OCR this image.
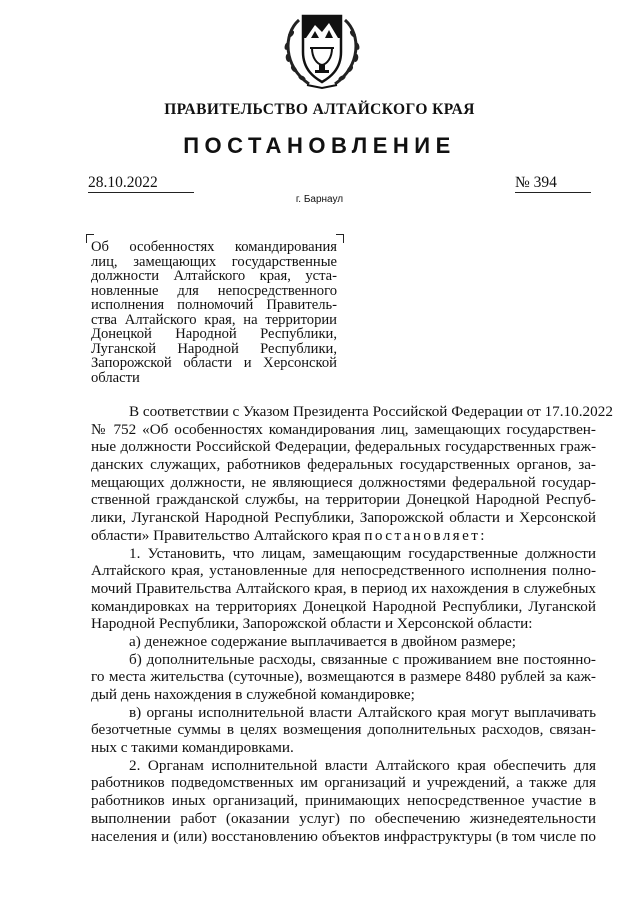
ПРАВИТЕЛЬСТВО АЛТАЙСКОГО КРАЯ
ПОСТАНОВЛЕНИЕ
28.10.2022	№ 394
г. Барнаул
Об особенностях командирования
лиц, замещающих государственные
должности Алтайского края, уста-
новленные для непосредственного
исполнения полномочий Правитель-
ства Алтайского края, на территории
Донецкой Народной Республики,
Луганской Народной Республики,
Запорожской области и Херсонской
области
В соответствии с Указом Президента Российской Федерации от 17.10.2022
№ 752 «Об особенностях командирования лиц, замещающих государствен-
ные должности Российской Федерации, федеральных государственных граж-
данских служащих, работников федеральных государственных органов, за-
мещающих должности, не являющиеся должностями федеральной государ-
ственной гражданской службы, на территории Донецкой Народной Респуб-
лики, Луганской Народной Республики, Запорожской области и Херсонской
области» Правительство Алтайского края постановляет:
1. Установить, что лицам, замещающим государственные должности
Алтайского края, установленные для непосредственного исполнения полно-
мочий Правительства Алтайского края, в период их нахождения в служебных
командировках на территориях Донецкой Народной Республики, Луганской
Народной Республики, Запорожской области и Херсонской области:
а) денежное содержание выплачивается в двойном размере;
б) дополнительные расходы, связанные с проживанием вне постоянно-
го места жительства (суточные), возмещаются в размере 8480 рублей за каж-
дый день нахождения в служебной командировке;
в) органы исполнительной власти Алтайского края могут выплачивать
безотчетные суммы в целях возмещения дополнительных расходов, связан-
ных с такими командировками.
2. Органам исполнительной власти Алтайского края обеспечить для
работников подведомственных им организаций и учреждений, а также для
работников иных организаций, принимающих непосредственное участие в
выполнении работ (оказании услуг) по обеспечению жизнедеятельности
населения и (или) восстановлению объектов инфраструктуры (в том числе по
